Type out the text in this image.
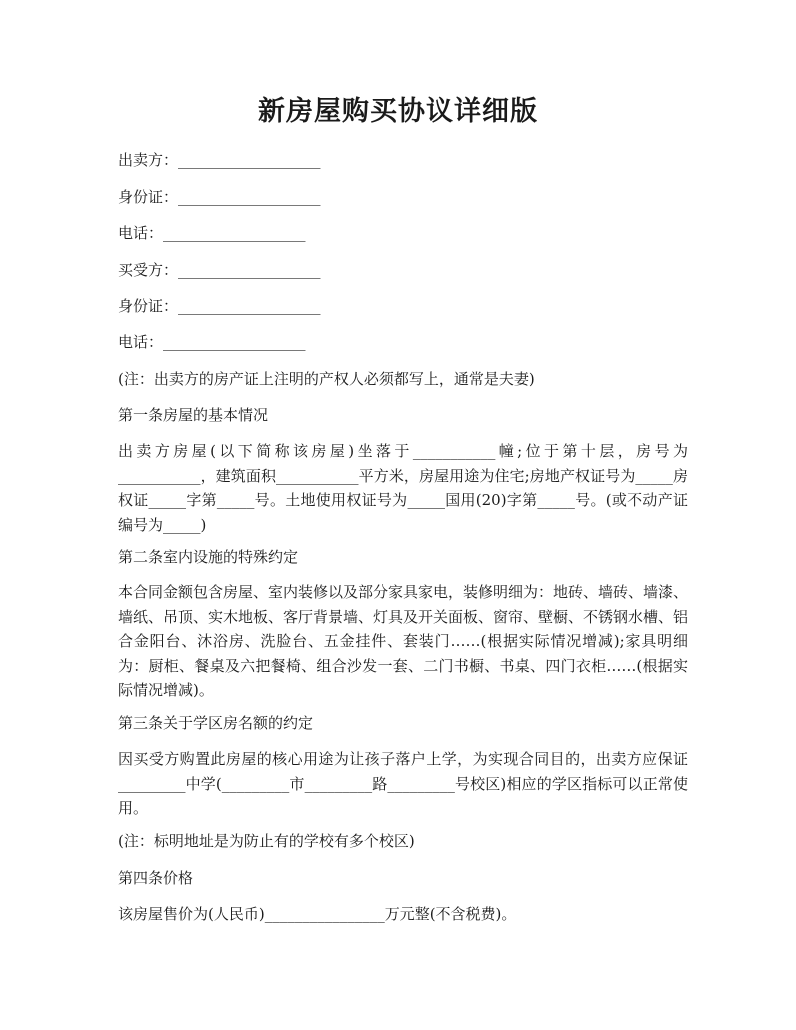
新房屋购买协议详细版
出卖方：___________________
身份证：___________________
电话：___________________
买受方：___________________
身份证：___________________
电话：___________________
(注：出卖方的房产证上注明的产权人必须都写上，通常是夫妻)
第一条房屋的基本情况
出卖方房屋(以下简称该房屋)坐落于___________幢;位于第十层，房号为___________，建筑面积___________平方米，房屋用途为住宅;房地产权证号为_____房权证_____字第_____号。土地使用权证号为_____国用(20)字第_____号。(或不动产证编号为_____)
第二条室内设施的特殊约定
本合同金额包含房屋、室内装修以及部分家具家电，装修明细为：地砖、墙砖、墙漆、墙纸、吊顶、实木地板、客厅背景墙、灯具及开关面板、窗帘、壁橱、不锈钢水槽、铝合金阳台、沐浴房、洗脸台、五金挂件、套装门……(根据实际情况增减);家具明细为：厨柜、餐桌及六把餐椅、组合沙发一套、二门书橱、书桌、四门衣柜……(根据实际情况增减)。
第三条关于学区房名额的约定
因买受方购置此房屋的核心用途为让孩子落户上学，为实现合同目的，出卖方应保证_________中学(_________市_________路_________号校区)相应的学区指标可以正常使用。
(注：标明地址是为防止有的学校有多个校区)
第四条价格
该房屋售价为(人民币)________________万元整(不含税费)。
